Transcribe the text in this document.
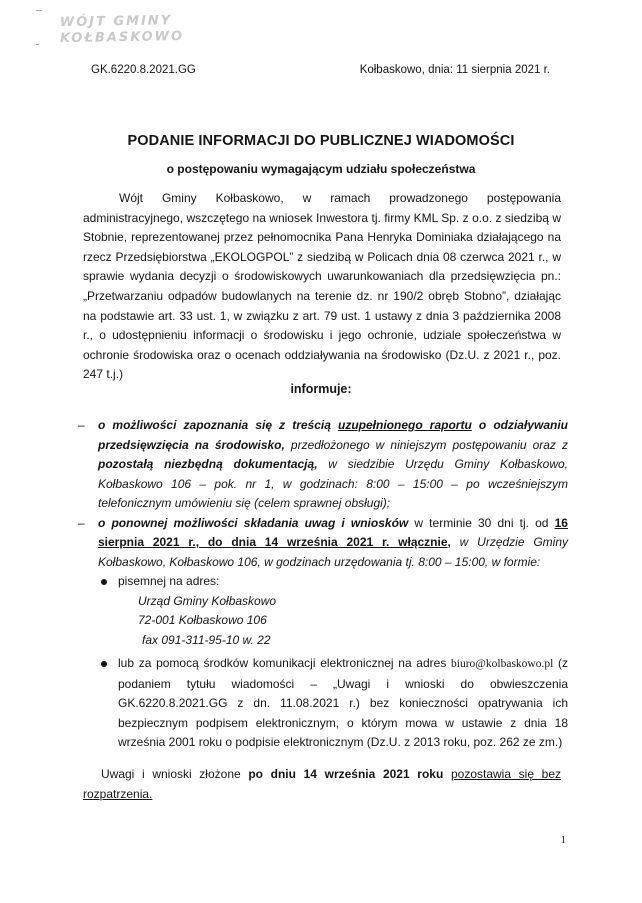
WÓJT GMINY
KOŁBASKOWO
GK.6220.8.2021.GG	Kołbaskowo, dnia: 11 sierpnia 2021 r.
PODANIE INFORMACJI DO PUBLICZNEJ WIADOMOŚCI
o postępowaniu wymagającym udziału społeczeństwa
Wójt Gminy Kołbaskowo, w ramach prowadzonego postępowania administracyjnego, wszczętego na wniosek Inwestora tj. firmy KML Sp. z o.o. z siedzibą w Stobnie, reprezentowanej przez pełnomocnika Pana Henryka Dominiaka działającego na rzecz Przedsiębiorstwa „EKOLOGPOL” z siedzibą w Policach dnia 08 czerwca 2021 r., w sprawie wydania decyzji o środowiskowych uwarunkowaniach dla przedsięwzięcia pn.: „Przetwarzaniu odpadów budowlanych na terenie dz. nr 190/2 obręb Stobno”, działając na podstawie art. 33 ust. 1, w związku z art. 79 ust. 1 ustawy z dnia 3 października 2008 r., o udostępnieniu informacji o środowisku i jego ochronie, udziale społeczeństwa w ochronie środowiska oraz o ocenach oddziaływania na środowisko (Dz.U. z 2021 r., poz. 247 t.j.)
informuje:
– o możliwości zapoznania się z treścią uzupełnionego raportu o odziaływaniu przedsięwzięcia na środowisko, przedłożonego w niniejszym postępowaniu oraz z pozostałą niezbędną dokumentacją, w siedzibie Urzędu Gminy Kołbaskowo, Kołbaskowo 106 – pok. nr 1, w godzinach: 8:00 – 15:00 – po wcześniejszym telefonicznym umówieniu się (celem sprawnej obsługi);
– o ponownej możliwości składania uwag i wniosków w terminie 30 dni tj. od 16 sierpnia 2021 r., do dnia 14 września 2021 r. włącznie, w Urzędzie Gminy Kołbaskowo, Kołbaskowo 106, w godzinach urzędowania tj. 8:00 – 15:00, w formie:
pisemnej na adres:
Urząd Gminy Kołbaskowo
72-001 Kołbaskowo 106
fax 091-311-95-10 w. 22
lub za pomocą środków komunikacji elektronicznej na adres biuro@kolbaskowo.pl (z podaniem tytułu wiadomości – „Uwagi i wnioski do obwieszczenia GK.6220.8.2021.GG z dn. 11.08.2021 r.) bez konieczności opatrywania ich bezpiecznym podpisem elektronicznym, o którym mowa w ustawie z dnia 18 września 2001 roku o podpisie elektronicznym (Dz.U. z 2013 roku, poz. 262 ze zm.)
Uwagi i wnioski złożone po dniu 14 września 2021 roku pozostawia się bez rozpatrzenia.
1
